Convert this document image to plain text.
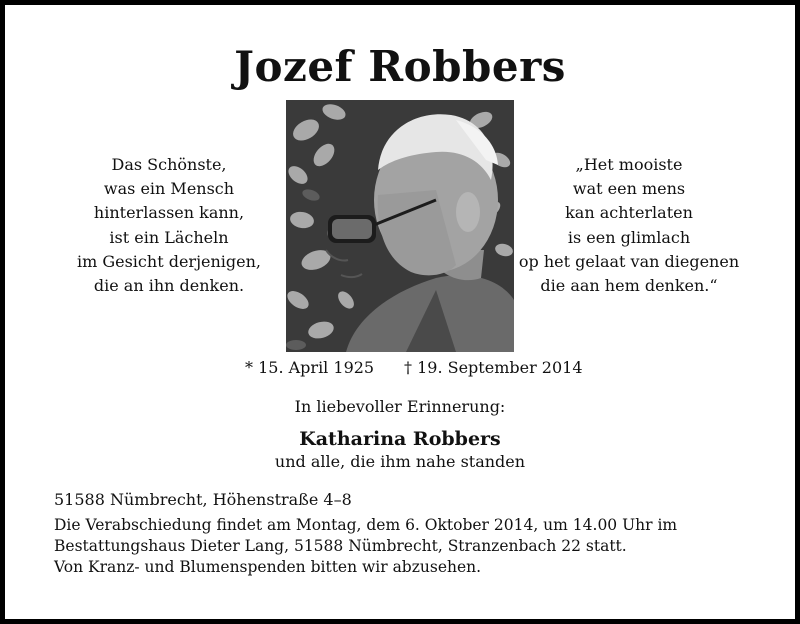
Jozef Robbers
Das Schönste,
was ein Mensch
hinterlassen kann,
ist ein Lächeln
im Gesicht derjenigen,
die an ihn denken.
„Het mooiste
wat een mens
kan achterlaten
is een glimlach
op het gelaat van diegenen
die aan hem denken.“
* 15. April 1925 † 19. September 2014
In liebevoller Erinnerung:
Katharina Robbers
und alle, die ihm nahe standen
51588 Nümbrecht, Höhenstraße 4–8

Die Verabschiedung findet am Montag, dem 6. Oktober 2014, um 14.00 Uhr im Bestattungshaus Dieter Lang, 51588 Nümbrecht, Stranzenbach 22 statt.

Von Kranz- und Blumenspenden bitten wir abzusehen.
